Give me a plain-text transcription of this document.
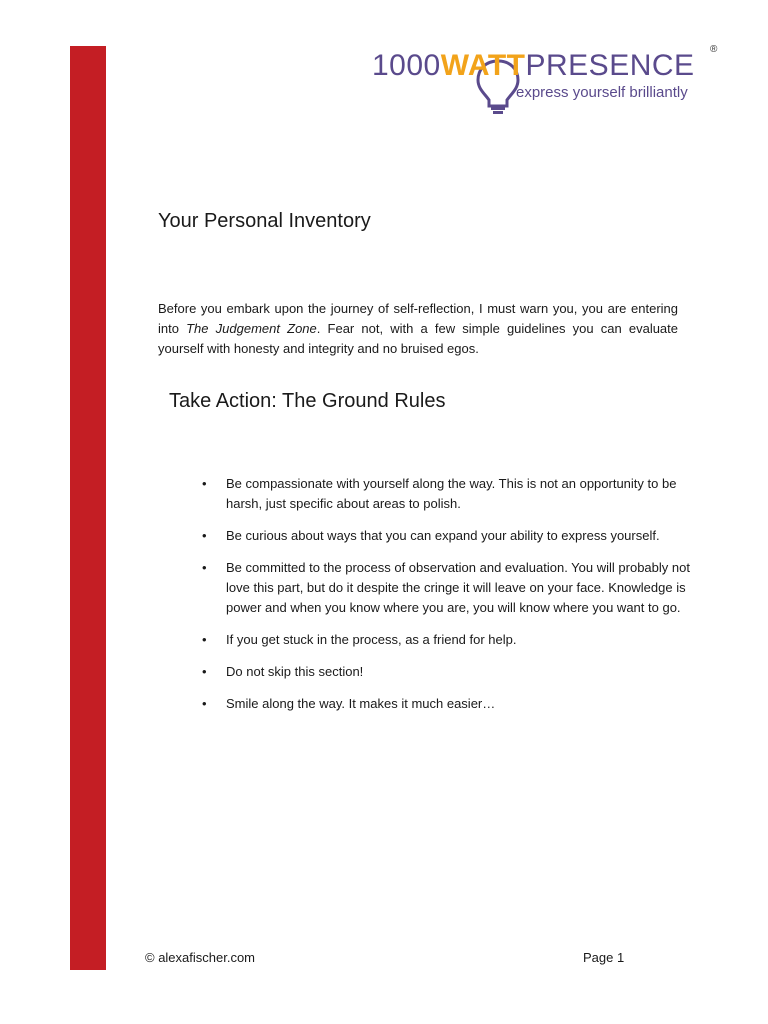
1000WATTPRESENCE ®
express yourself brilliantly
Your Personal Inventory

Before you embark upon the journey of self-reflection, I must warn you, you are entering into The Judgement Zone. Fear not, with a few simple guidelines you can evaluate yourself with honesty and integrity and no bruised egos.

Take Action: The Ground Rules
• Be compassionate with yourself along the way. This is not an opportunity to be harsh, just specific about areas to polish.
• Be curious about ways that you can expand your ability to express yourself.
• Be committed to the process of observation and evaluation. You will probably not love this part, but do it despite the cringe it will leave on your face. Knowledge is power and when you know where you are, you will know where you want to go.
• If you get stuck in the process, as a friend for help.
• Do not skip this section!
• Smile along the way. It makes it much easier…
© alexafischer.com	Page 1
